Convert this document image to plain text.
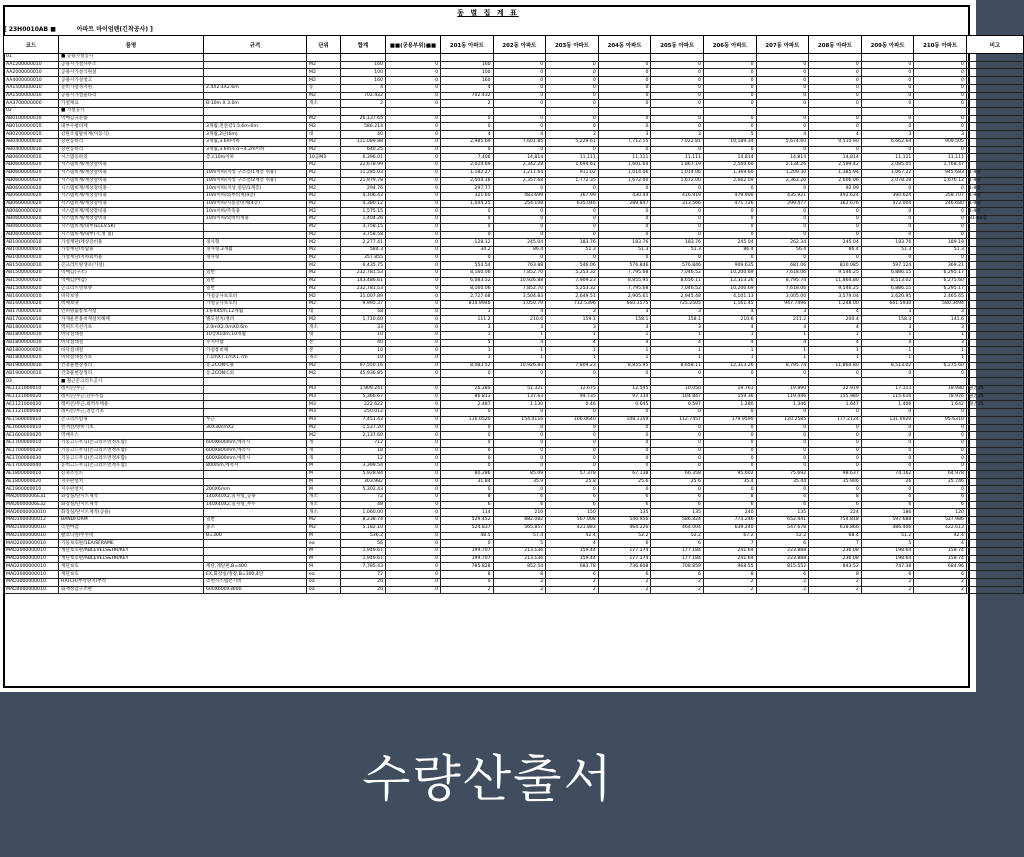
동 별 집 계 표
[ 23H0010AB ■          아파트 마이엄텐(긴착공사) ]
코드	품명	규격	단위	합계	■■(공용부위)■■	201동 아파트	202동 아파트	203동 아파트	204동 아파트	205동 아파트	206동 아파트	207동 아파트	208동 아파트	209동 아파트	210동 아파트	비고
01	■ 공용가설공사															
AA1200000010	공용시가설사무소		M2	160	0	160	0	0	0	0	0	0	0	0	0	
AA2000000010	공용시가설식원실		M2	100	0	100	0	0	0	0	0	0	0	0	0	
AA4000000010	공용시가설창고		M2	160	0	160	0	0	0	0	0	0	0	0	0	
AA1500000010	준비가설경지원	2.4X2.4X2.6m	동	4	0	4	0	0	0	0	0	0	0	0	0	
AA1500000010	공용시가설울타리		M2	702.432	0	702.432	0	0	0	0	0	0	0	0	0	
AA3700000000	가설재료	B:10m X 3.0m	개소	2	0	2	0	0	0	0	0	0	0	0	0	
02	■ 가설공사															
AB0100000010	먹매김규준틀		M2	26,137.65	0	0	0	0	0	0	0	0	0	0	0	
AB0100000010	내부수평비계	3개월,전문강1.5.6m-6m	M2	586.214	0	0	0	0	0	0	0	0	0	0	0	
AB0200000010	강관조립말비계(이동식)	3개월,2단(6m)	대	40	0	4	4	3	3	3	5	4	4	3	3	
AB0400000010	강관동바리	3개월,3.6m이하	M2	111,089.88	0	2,985.69	7,601.85	5,229.61	7,712.15	7,022.81	10,189.34	5,674.60	9,510.90	6,662.64	909.505	
AB0400000010	강관동바리	3개월,3.6m초과~4.2m이하	M2	640.25	0	0	0	0	0	0	0	0	0	0	0	
AB0600000010	시스템동바리	층고10m이하	10공M3	6,396.01	0	7,406	14,814	11,111	11,111	11,111	14,814	14,814	14,814	11,111	11,111	
AB0600000020	시스템비계/계상강비용		M2	22,678.99	0	2,024.69	2,342.28	1,694.61	1,601.64	1,867.19	2,560.60	2,134.26	2,599.42	2,085.05	1,768.47	
AB0600000020	시스템비계/계상강비용	10m이하(지상 구조층/1계층 쉬용)	M2	11,285.03	0	1,182.27	1,211.64	911.02	1,014.06	1,014.06	1,369.60	1,209.30	1,385.94	1,067.22	945.683	1-9층
AB0600000020	시스템비계/계상강비용	10m이하(지상 구조층/2계층 쉬용)	M2	21,979.78	0	2,504.16	2,357.68	1,772.35	1,672.00	1,672.00	2,662.09	2,363.20	2,606.06	2,078.28	1,676.12	1-9층
AB0600000020	시스템비계/계상강비용	10m이하(지상 중단/1계층)	M2	294.76	0	297.77	0	0	0	0	0	0	92.99	0	0	1-9층
AB0600000020	시스템비계/계상강비용	10m이하/외부비계(4층)	M2	4,106.43	0	321.60	483.699	367.99	430.44	416.919	479.900	435.921	492.624	390.624	358.707	1-9층
AB0600000020	시스템비계/계상강비용	10m이하/지붕층비계(4층)	M2	4,380.12	0	1,044.25	254.108	635.046	289.847	313.566	471.726	299.477	362.676	472.004	246.680	1-9층
AB0600000020	시스템비계/계상강비용	10m이하/주축용	M2	1,575.15	0	0	0	0	0	0	0	0	0	0	0	1-9층
AB0600000020	시스템비계/계상강비용	10m이하/외벽비계용	M2	1,404.26	0	0	0	0	0	0	0	0	0	0	0	B1-B3층
AB0600000010	시스템비계/내부(ELEV.SK)		M2	3,758.15	0	0	0	0	0	0	0	0	0	0	0	
AB0600000010	시스템비계/내부(기,정 실)		M2	3,758.58	0	0	0	0	0	0	0	0	0	0	0	
AB1000000010	가설계단/계상강비용	경사형	M2	2,277.41	0	128.12	245.04	183.76	183.76	183.76	245.04	262.34	245.04	183.76	189.19	
AB1000000020	가설계단/옥탑용	경사형,3개월	M2	584.3	0	34.2	86.4	51.3	51.3	51.3	86.4	56.4	86.4	51.3	51.3	
AB1000000010	가설계단/지하외벽용	경사형	M2	357.855	0	0	0	0	0	0	0	0	0	0	0	
AB1500000010	곤크리트양생포(가설)		M2	6,435.75	0	554.54	763.88	546.06	576.846	576.846	909.635	681.06	810.085	597.124	369.21	
AB1500000020	먹매김(구조)	일반	M2	232,781.53	0	8,160.06	7,852.70	5,253.32	7,795.68	7,046.52	10,200.69	7,618.06	9,546.25	6,886.15	6,295.17	
AB1500000020	먹매김(마감)	일반	M2	143,486.61	0	6,083.52	10,926.88	7,909.23	8,855.95	8,656.11	12,313.26	8,795.74	11,864.80	8,513.02	6,275.60	
AB1500000020	곤크리트면보양	일반	M2	232,781.53	0	8,160.06	7,852.70	5,253.32	7,795.68	7,046.52	10,200.69	7,618.06	9,546.25	6,886.15	6,295.17	
AB1600000010	바닥보양	가설공사보호비	M2	31,007.89	0	2,727.68	3,504.83	2,649.51	2,905.61	2,945.48	4,101.13	3,005.00	3,579.04	2,620.95	2,465.65	
AB1600000020	벽체보양	가설공사보호비	M2	9,995.37	0	814.9946	1,050.79	732.5396	660.1575	725.2505	1,161.45	947.7496	1,248.00	661.5930	580.3494	
AB1700000010	인허방출통보시설	1류X45m,12개월	대	58	0	3	4	3	3	3	4	3	4	3	3	
AB1700000010	자재운반용비계설치해체	별도설치/정비	M2	1,710.60	0	111.2	210.6	159.1	158.1	158.1	210.6	211.2	200.4	158.3	141.6	
AB1800000010	먹펴트지선기초	2.0mX2.0mX0.6m	개소	33	0	3	3	3	3	3	4	4	4	3	3	
AB1800000010	바닥점대절	10층X10m,10개월	대	10	0	1	1	1	1	1	1	1	1	1	1	
AB1800000010	바닥점대절	수지이탐	본	40	0	5	4	4	4	4	4	4	4	4	3	
AB1800000020	바닥점대절	가설통비체	본	10	0	1	1	1	1	1	1	1	1	1	1	
AB1800000020	바닥점대절기초	7.1mX7.1mX1.7m	개소	10	0	1	1	1	1	1	1	1	1	1	1	
AB1900000010	건축물현장정리	동,2CON'C용	M2	97,550.16	0	8,083.52	10,926.83	7,809.23	8,855.95	8,658.11	12,313.26	8,795.74	11,864.80	8,513.02	6,275.60	
AB1900000010	건축물현장정리	동,2CON'C외	M2	45,936.85	0	0	0	0	0	0	0	0	0	0	0	
03	■ 철근콘크리트공사															
AE1121000010	레미콘/무근		M3	1,909.241	0	26.280	51.321	12.675	12.545	10.050	19.761	19.890	22.919	17.113	18.980	철콘25
AE1121000020	레미콘/무근,단수누름		M3	5,366.67	0	86.813	137.63	94.735	97.134	104.847	159.36	119.446	155.980	115.616	78.976	철콘25
AE1121000020	레미콘/무근,외벽두께용		M3	222.622	0	2.487	1.130	0.46	0.645	0.597	1.280	1.346	1.647	1.406	1.642	철콘25
AE1121000040	레미콘/무근,전층기초		M3	250.012	0	0	0	0	0	0	0	0	0	0	0	
AE1500000010	콘크리트펌핑	무근	M3	7,451.43	0	116.0520	154.0116	106.0640	108.1359	112.7457	179.9590	120.2585	177.2124	131.0020	95.6310	
AE1600000010	펀젝션/방비기초	30X30cmX2	M2	1,537.20	0	0	0	0	0	0	0	0	0	0	0	
AE1600000020	먹매우스		M2	2,137.60	0	0	0	0	0	0	0	0	0	0	0	
AE1700000010	기둥고드무늬(콘크리트면정포함)	600X600mm,에폭시	개	712	0	0	0	0	0	0	0	0	0	0	0	
AE1700000020	기둥고드무늬(콘크리트면정포함)	600X800mm,에폭시	개	18	0	0	0	0	0	0	0	0	0	0	0	
AE1700000030	기둥고드무늬(콘크리트면정포함)	600X800mm,에폭시	개	12	0	0	0	0	0	0	0	0	0	0	0	
AE1700000040	옹벽고드무늬(콘크리트면정포함)	800mm,에폭시	M	3,399.54	0	0	0	0	0	0	0	0	0	0	0	
AE1800000010	신축조인트		M	5,928.84	0	80.286	85.09	57.378	67.138	66.358	95.602	75.692	98.637	74.162	64.978	
AE1800000020	지수판설치		M	303.982	0	31.84	35.9	25.8	25.6	25.6	35.4	35.44	35.906	26	25.746	
AE1900000010	지수판설치	200X6mm	M	5,302.43	0	0	0	0	0	0	0	0	0	0	0	
MAD0000006E31	화장실/단시트제작	140X40X2,일자형_공용	개소	72	0	8	6	6	6	6	8	6	8	6	6	
MAD0000006E32	화장실/단시트제작	140X40X2,일자형_무두	개소	48	0	6	6	6	6	6	6	6	6	6	6	
MAD0000000010	화장실/단시트제작(공용)		개소	1,060.00	0	114	210	150	135	135	240	135	224	186	120	
MAD1000000012	BANDFORM	일반	M2	8,238.74	0	529.452	882.082	567.008	546.956	586.824	773.246	652.441	754.818	597.688	527.986	
MAD1000000010	측면마감	중소	M2	5,182.10	0	524.837	565.857	421.883	464.226	464.004	639.240	547.678	618.866	486.406	422.613	
MAD1000000010	발코니앞/무두비	B=300	M	536.2	0	48.5	57.4	42.4	52.2	52.2	67.2	52.2	68.4	51.2	42.4	
MAD2000000010	기둥보호판/1EA/SFRAME		ea	56	0	0	5	4	6	6	7	6	7	5	4	
MAD2000000010	계단보호판/ABLEVELS&HR/KEY		M	1,949.61	0	199.707	213.136	159.44	177.174	177.184	241.64	223.888	236.08	198.64	158.74	
MAD2000000010	계단보호판/ABLEVELS&HR/KEY		M	1,949.61	0	199.707	213.136	159.44	177.174	177.184	241.64	223.888	236.08	198.64	158.74	
MAD2000000010	계단보호	계단,계단판,B=400	M	7,785.43	0	785.828	852.54	683.78	736.608	708.859	968.55	815.552	843.52	747.38	684.96	
MAD3000000010	계단보호	EX,화장실/정장,B=300,4단	ea	72	0	8	8	6	6	6	8	6	8	6	6	
MAD3000000010	HATCH/부착방지/부착	측면시스템폰기비	ea	20	0	0	2	2	2	2	2	2	2	2	2	
MAD4000000010	화재정감구조판	600X600X3600	ea	20	0	2	2	2	2	2	2	2	2	2	2	
수량산출서
